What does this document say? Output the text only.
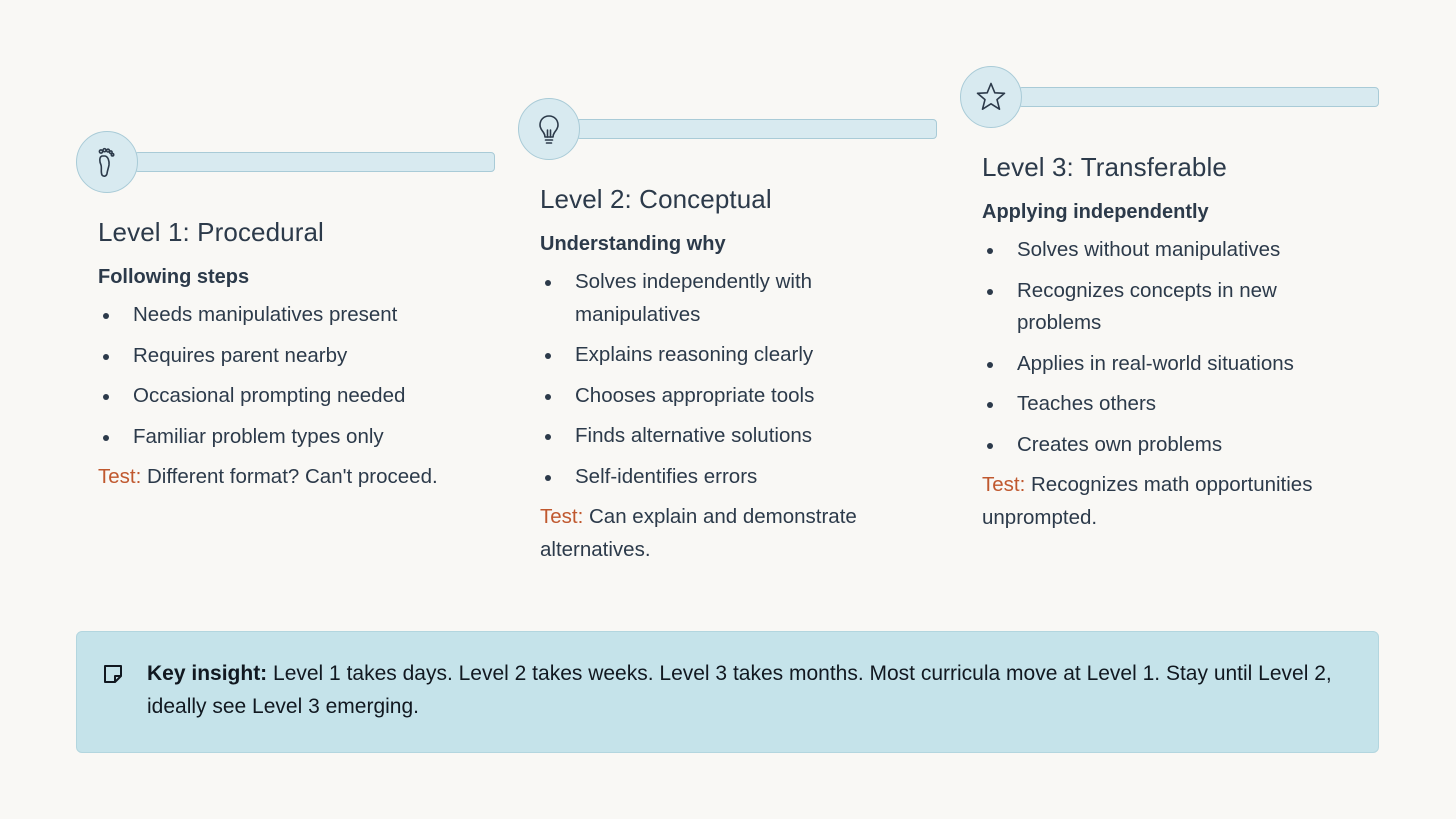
Level 1: Procedural
Following steps
Needs manipulatives present
Requires parent nearby
Occasional prompting needed
Familiar problem types only
Test: Different format? Can't proceed.
Level 2: Conceptual
Understanding why
Solves independently with manipulatives
Explains reasoning clearly
Chooses appropriate tools
Finds alternative solutions
Self-identifies errors
Test: Can explain and demonstrate alternatives.
Level 3: Transferable
Applying independently
Solves without manipulatives
Recognizes concepts in new problems
Applies in real-world situations
Teaches others
Creates own problems
Test: Recognizes math opportunities unprompted.
Key insight: Level 1 takes days. Level 2 takes weeks. Level 3 takes months. Most curricula move at Level 1. Stay until Level 2, ideally see Level 3 emerging.
